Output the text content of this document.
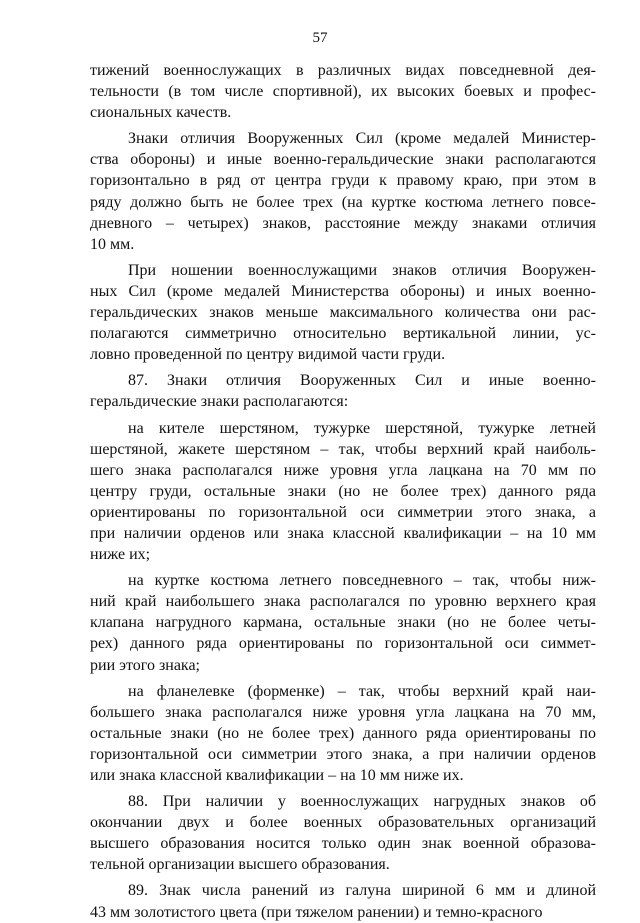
57
тижений военнослужащих в различных видах повседневной дея-
тельности (в том числе спортивной), их высоких боевых и профес-
сиональных качеств.
Знаки отличия Вооруженных Сил (кроме медалей Министер-
ства обороны) и иные военно-геральдические знаки располагаются
горизонтально в ряд от центра груди к правому краю, при этом в
ряду должно быть не более трех (на куртке костюма летнего повсе-
дневного – четырех) знаков, расстояние между знаками отличия
10 мм.
При ношении военнослужащими знаков отличия Вооружен-
ных Сил (кроме медалей Министерства обороны) и иных военно-
геральдических знаков меньше максимального количества они рас-
полагаются симметрично относительно вертикальной линии, ус-
ловно проведенной по центру видимой части груди.
87. Знаки отличия Вооруженных Сил и иные военно-
геральдические знаки располагаются:
на кителе шерстяном, тужурке шерстяной, тужурке летней
шерстяной, жакете шерстяном – так, чтобы верхний край наиболь-
шего знака располагался ниже уровня угла лацкана на 70 мм по
центру груди, остальные знаки (но не более трех) данного ряда
ориентированы по горизонтальной оси симметрии этого знака, а
при наличии орденов или знака классной квалификации – на 10 мм
ниже их;
на куртке костюма летнего повседневного – так, чтобы ниж-
ний край наибольшего знака располагался по уровню верхнего края
клапана нагрудного кармана, остальные знаки (но не более четы-
рех) данного ряда ориентированы по горизонтальной оси симмет-
рии этого знака;
на фланелевке (форменке) – так, чтобы верхний край наи-
большего знака располагался ниже уровня угла лацкана на 70 мм,
остальные знаки (но не более трех) данного ряда ориентированы по
горизонтальной оси симметрии этого знака, а при наличии орденов
или знака классной квалификации – на 10 мм ниже их.
88. При наличии у военнослужащих нагрудных знаков об
окончании двух и более военных образовательных организаций
высшего образования носится только один знак военной образова-
тельной организации высшего образования.
89. Знак числа ранений из галуна шириной 6 мм и длиной
43 мм золотистого цвета (при тяжелом ранении) и темно-красного
